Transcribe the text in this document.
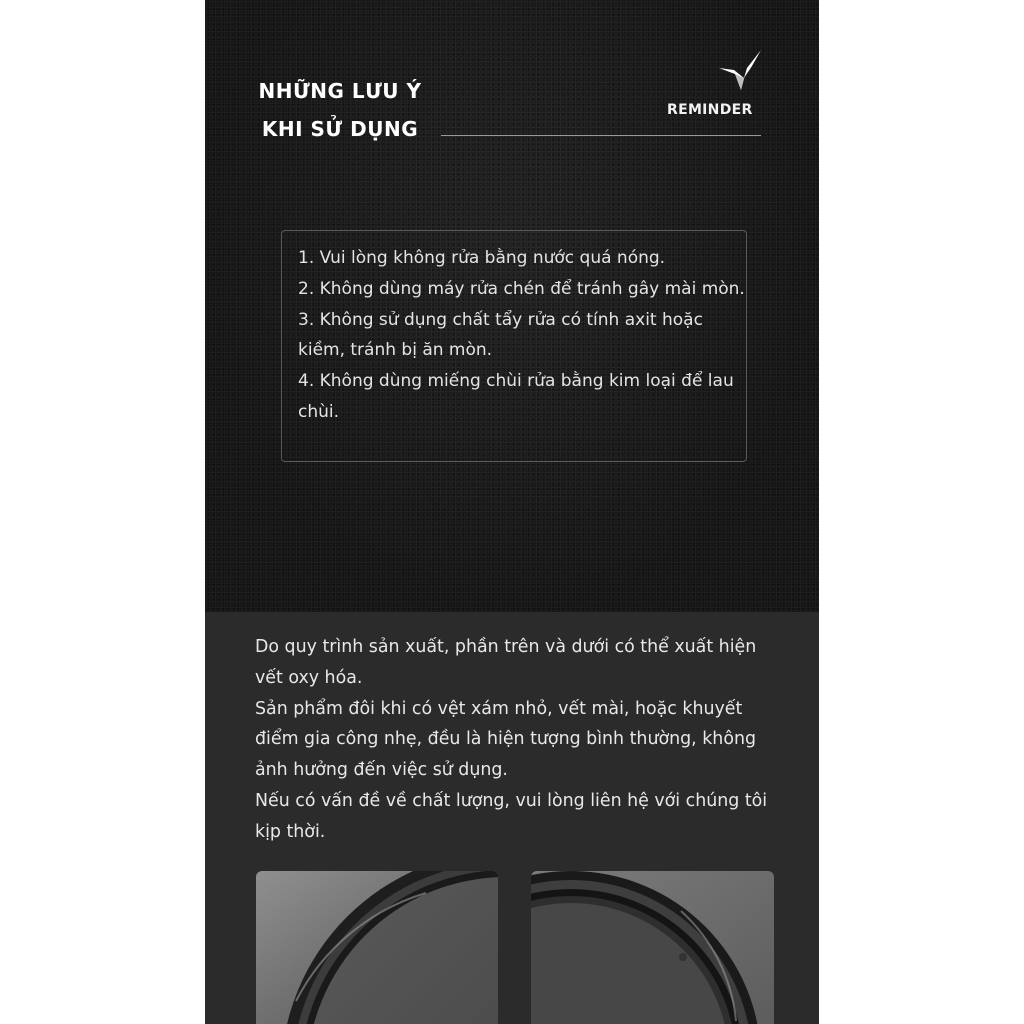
NHỮNG LƯU Ý
KHI SỬ DỤNG
REMINDER

1. Vui lòng không rửa bằng nước quá nóng.

2. Không dùng máy rửa chén để tránh gây mài mòn.

3. Không sử dụng chất tẩy rửa có tính axit hoặc kiềm, tránh bị ăn mòn.

4. Không dùng miếng chùi rửa bằng kim loại để lau chùi.

Do quy trình sản xuất, phần trên và dưới có thể xuất hiện vết oxy hóa.

Sản phẩm đôi khi có vệt xám nhỏ, vết mài, hoặc khuyết điểm gia công nhẹ, đều là hiện tượng bình thường, không ảnh hưởng đến việc sử dụng.

Nếu có vấn đề về chất lượng, vui lòng liên hệ với chúng tôi kịp thời.
